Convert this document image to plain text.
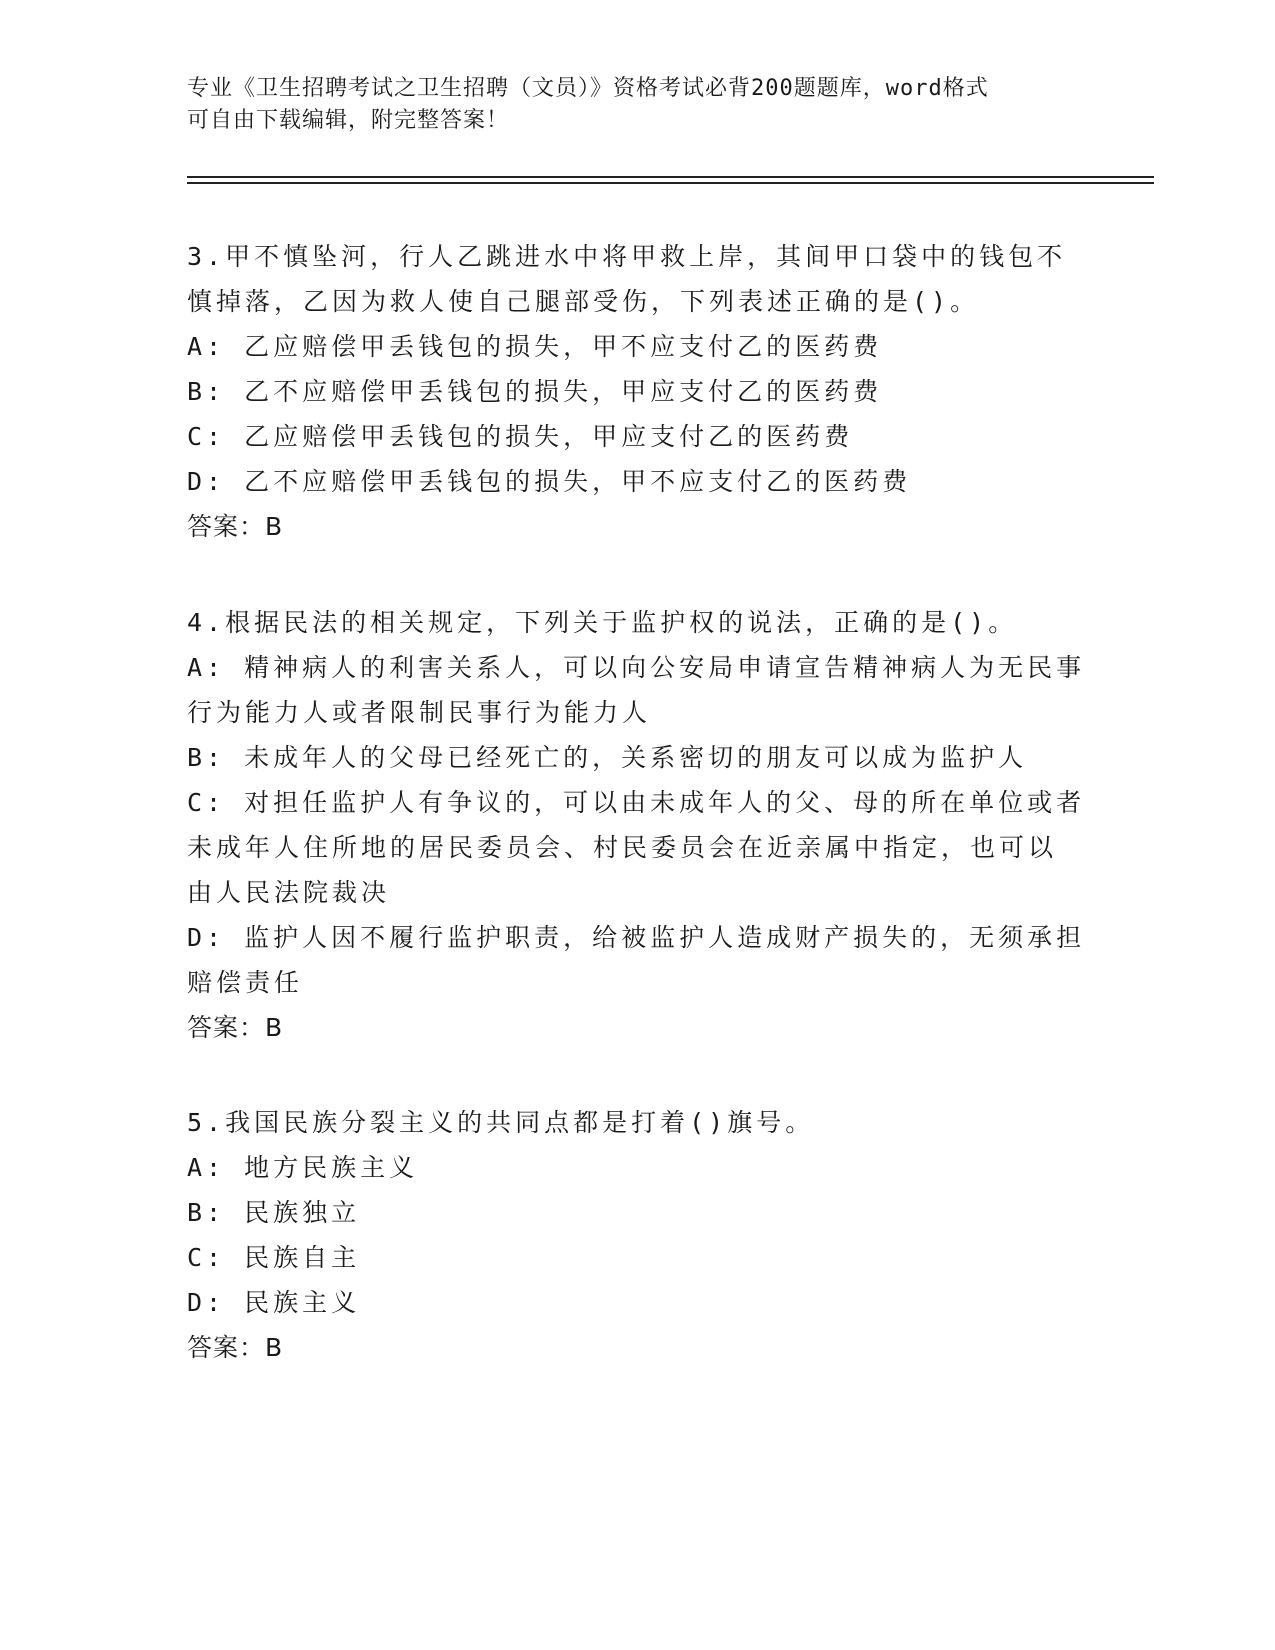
专业《卫生招聘考试之卫生招聘（文员）》资格考试必背200题题库，word格式
可自由下载编辑，附完整答案！
3.甲不慎坠河，行人乙跳进水中将甲救上岸，其间甲口袋中的钱包不
慎掉落，乙因为救人使自己腿部受伤，下列表述正确的是()。
A: 乙应赔偿甲丢钱包的损失，甲不应支付乙的医药费
B: 乙不应赔偿甲丢钱包的损失，甲应支付乙的医药费
C: 乙应赔偿甲丢钱包的损失，甲应支付乙的医药费
D: 乙不应赔偿甲丢钱包的损失，甲不应支付乙的医药费
答案：B
4.根据民法的相关规定，下列关于监护权的说法，正确的是()。
A: 精神病人的利害关系人，可以向公安局申请宣告精神病人为无民事
行为能力人或者限制民事行为能力人
B: 未成年人的父母已经死亡的，关系密切的朋友可以成为监护人
C: 对担任监护人有争议的，可以由未成年人的父、母的所在单位或者
未成年人住所地的居民委员会、村民委员会在近亲属中指定，也可以
由人民法院裁决
D: 监护人因不履行监护职责，给被监护人造成财产损失的，无须承担
赔偿责任
答案：B
5.我国民族分裂主义的共同点都是打着()旗号。
A: 地方民族主义
B: 民族独立
C: 民族自主
D: 民族主义
答案：B
